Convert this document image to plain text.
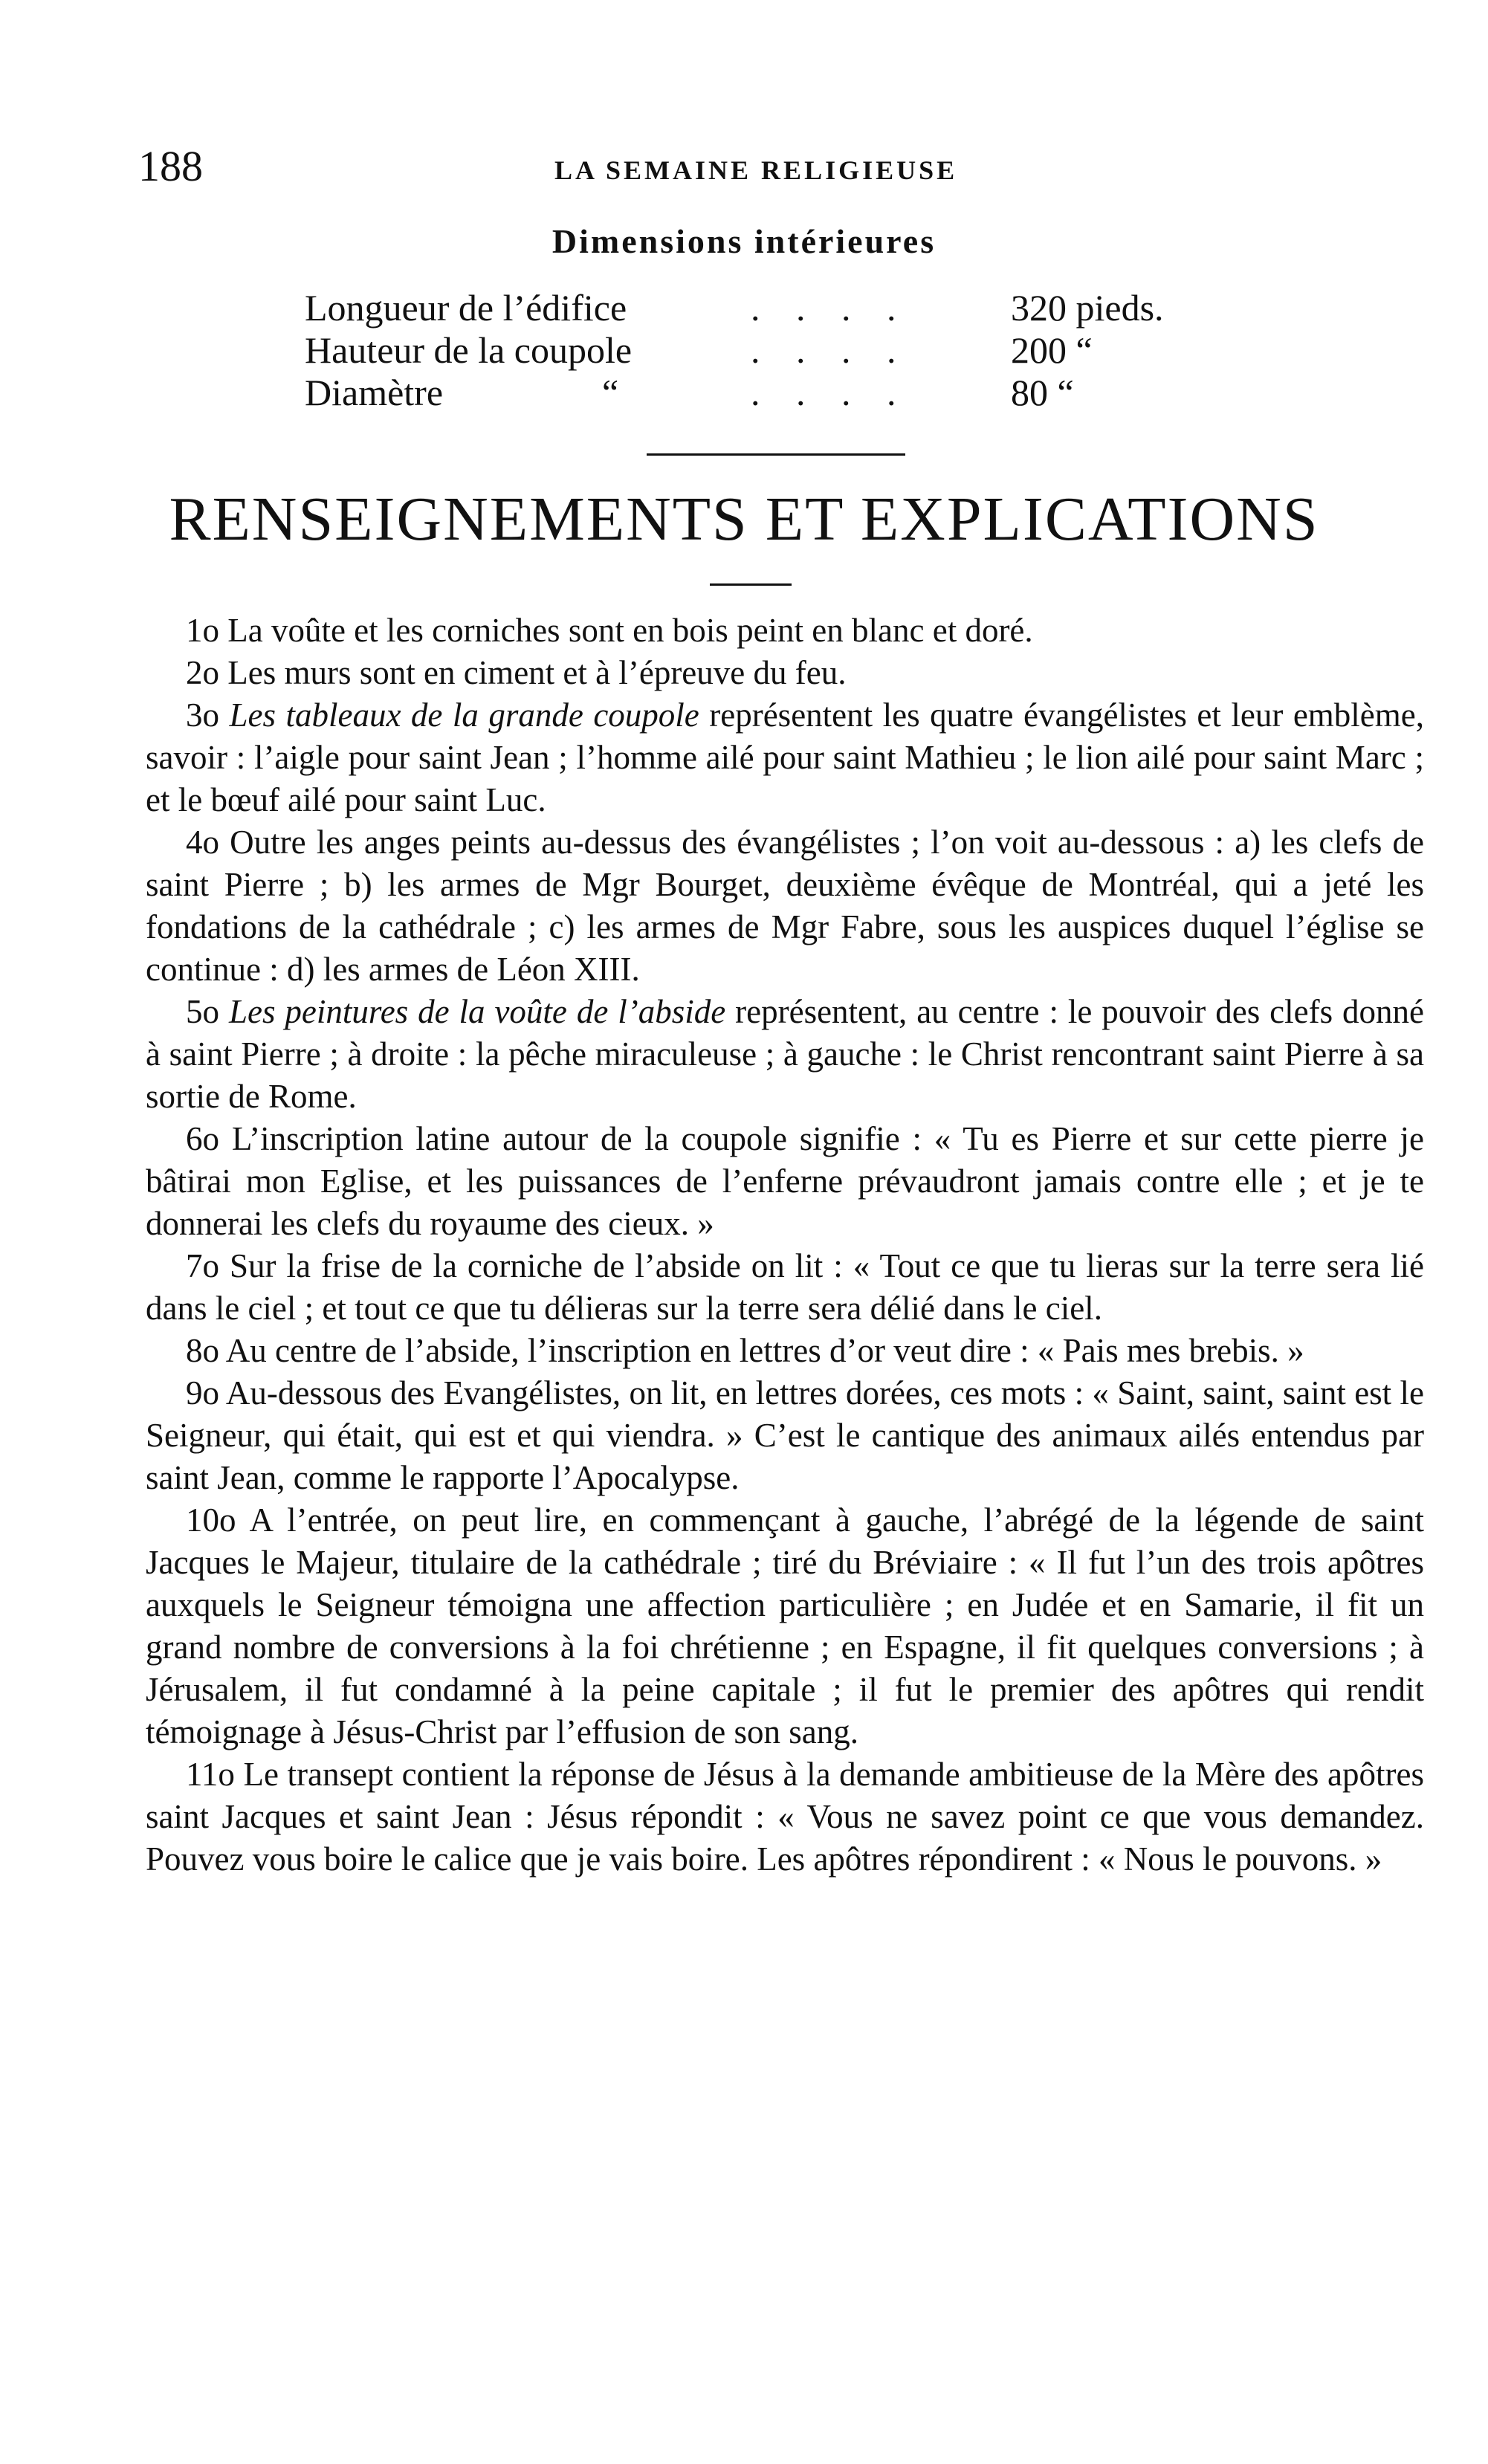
188	LA SEMAINE RELIGIEUSE
Dimensions intérieures
Longueur de l’édifice	. . . .	320 pieds.
Hauteur de la coupole	. . . .	200 “
Diamètre	“	. . . .	80 “
RENSEIGNEMENTS ET EXPLICATIONS

1o La voûte et les corniches sont en bois peint en blanc et doré.

2o Les murs sont en ciment et à l’épreuve du feu.

3o Les tableaux de la grande coupole représentent les quatre évangélistes et leur emblème, savoir : l’aigle pour saint Jean ; l’homme ailé pour saint Mathieu ; le lion ailé pour saint Marc ; et le bœuf ailé pour saint Luc.

4o Outre les anges peints au-dessus des évangélistes ; l’on voit au-dessous : a) les clefs de saint Pierre ; b) les armes de Mgr Bourget, deuxième évêque de Montréal, qui a jeté les fondations de la cathédrale ; c) les armes de Mgr Fabre, sous les auspices duquel l’église se continue : d) les armes de Léon XIII.

5o Les peintures de la voûte de l’abside représentent, au centre : le pouvoir des clefs donné à saint Pierre ; à droite : la pêche miraculeuse ; à gauche : le Christ rencontrant saint Pierre à sa sortie de Rome.

6o L’inscription latine autour de la coupole signifie : « Tu es Pierre et sur cette pierre je bâtirai mon Eglise, et les puissances de l’enferne prévaudront jamais contre elle ; et je te donnerai les clefs du royaume des cieux. »

7o Sur la frise de la corniche de l’abside on lit : « Tout ce que tu lieras sur la terre sera lié dans le ciel ; et tout ce que tu délieras sur la terre sera délié dans le ciel.

8o Au centre de l’abside, l’inscription en lettres d’or veut dire : « Pais mes brebis. »

9o Au-dessous des Evangélistes, on lit, en lettres dorées, ces mots : « Saint, saint, saint est le Seigneur, qui était, qui est et qui viendra. » C’est le cantique des animaux ailés entendus par saint Jean, comme le rapporte l’Apocalypse.

10o A l’entrée, on peut lire, en commençant à gauche, l’abrégé de la légende de saint Jacques le Majeur, titulaire de la cathédrale ; tiré du Bréviaire : « Il fut l’un des trois apôtres auxquels le Seigneur témoigna une affection particulière ; en Judée et en Samarie, il fit un grand nombre de conversions à la foi chrétienne ; en Espagne, il fit quelques conversions ; à Jérusalem, il fut condamné à la peine capitale ; il fut le premier des apôtres qui rendit témoignage à Jésus-Christ par l’effusion de son sang.

11o Le transept contient la réponse de Jésus à la demande ambitieuse de la Mère des apôtres saint Jacques et saint Jean : Jésus répondit : « Vous ne savez point ce que vous demandez. Pouvez vous boire le calice que je vais boire. Les apôtres répondirent : « Nous le pouvons. »
